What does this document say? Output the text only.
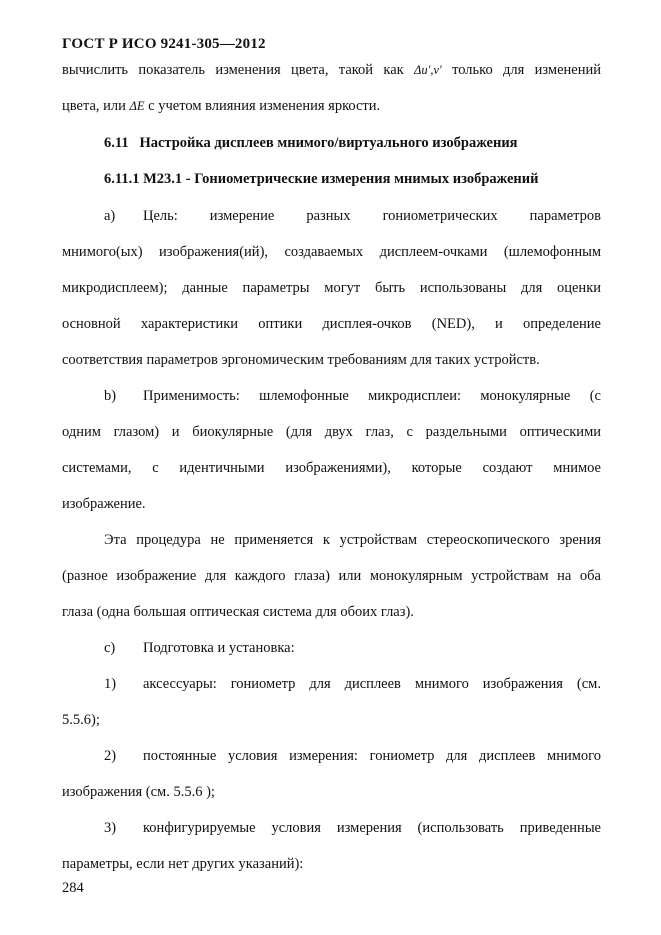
ГОСТ Р ИСО 9241-305—2012
вычислить показатель изменения цвета, такой как Δu′,v′ только для изменений
цвета, или ΔE с учетом влияния изменения яркости.
6.11   Настройка дисплеев мнимого/виртуального изображения
6.11.1 М23.1 - Гониометрические измерения мнимых изображений
a) Цель: измерение разных гониометрических параметров
мнимого(ых) изображения(ий), создаваемых дисплеем-очками (шлемофонным
микродисплеем); данные параметры могут быть использованы для оценки
основной характеристики оптики дисплея-очков (NED), и определение
соответствия параметров эргономическим требованиям для таких устройств.
b) Применимость: шлемофонные микродисплеи: монокулярные (с
одним глазом) и биокулярные (для двух глаз, с раздельными оптическими
системами, с идентичными изображениями), которые создают мнимое
изображение.
Эта процедура не применяется к устройствам стереоскопического зрения
(разное изображение для каждого глаза) или монокулярным устройствам на оба
глаза (одна большая оптическая система для обоих глаз).
c) Подготовка и установка:
1) аксессуары: гониометр для дисплеев мнимого изображения (см.
5.5.6);
2) постоянные условия измерения: гониометр для дисплеев мнимого
изображения (см. 5.5.6 );
3) конфигурируемые условия измерения (использовать приведенные
параметры, если нет других указаний):
284
